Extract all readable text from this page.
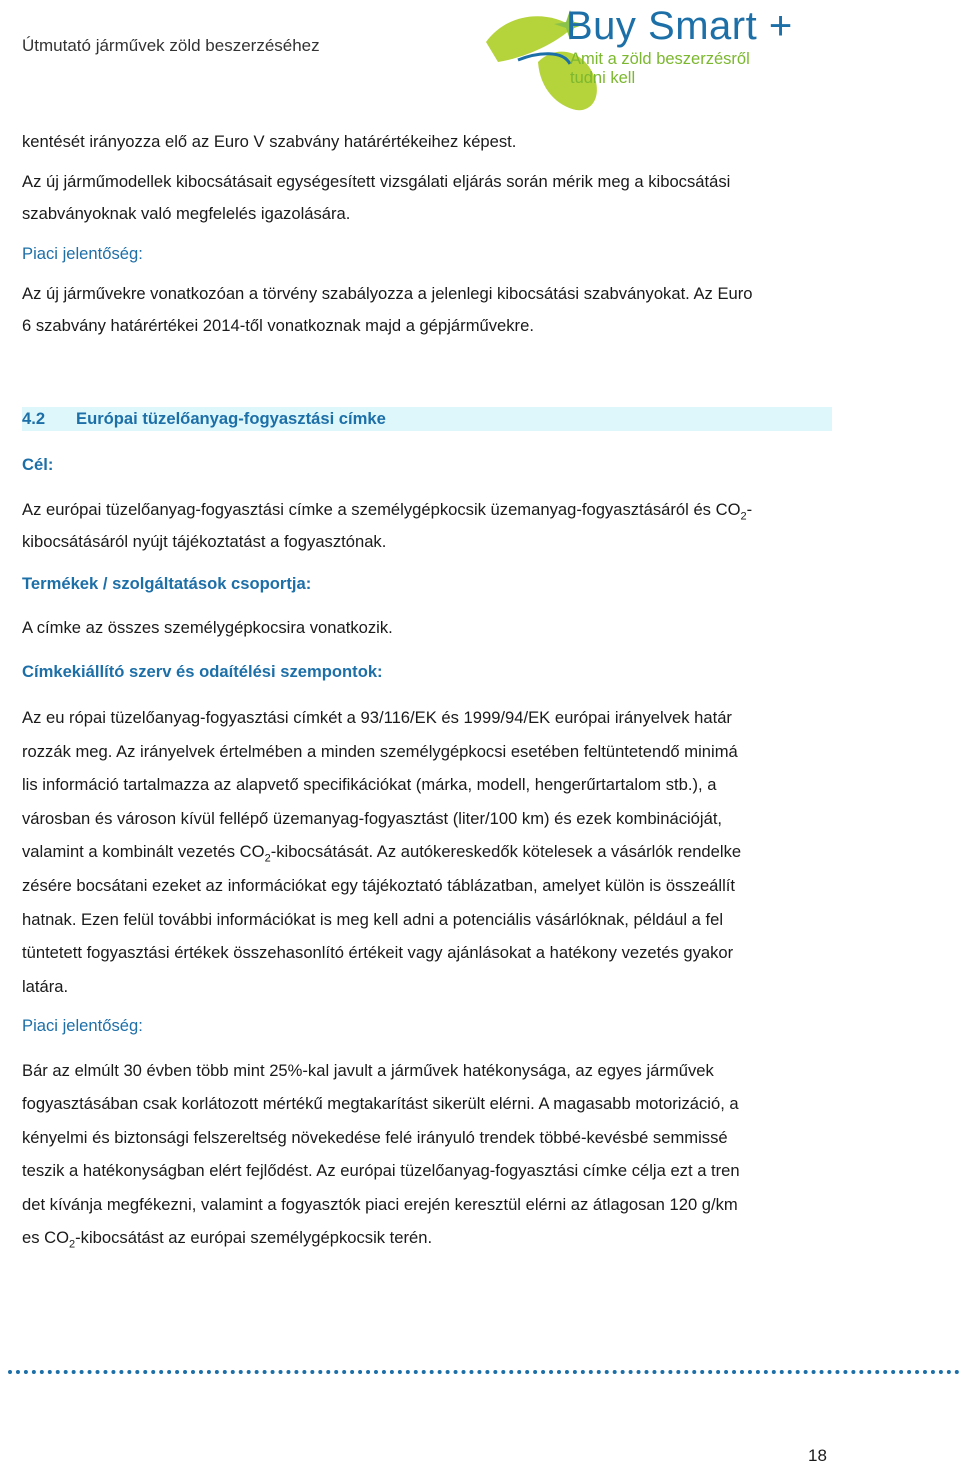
Útmutató járművek zöld beszerzéséhez	Buy Smart +
Amit a zöld beszerzésről
tudni kell

kentését irányozza elő az Euro V szabvány határértékeihez képest.

Az új járműmodellek kibocsátásait egységesített vizsgálati eljárás során mérik meg a kibocsátási
szabványoknak való megfelelés igazolására.

Piaci jelentőség:

Az új járművekre vonatkozóan a törvény szabályozza a jelenlegi kibocsátási szabványokat. Az Euro
6 szabvány határértékei 2014-től vonatkoznak majd a gépjárművekre.
4.2 Európai tüzelőanyag-fogyasztási címke

Cél:

Az európai tüzelőanyag-fogyasztási címke a személygépkocsik üzemanyag-fogyasztásáról és $CO_2-$
kibocsátásáról nyújt tájékoztatást a fogyasztónak.

Termékek / szolgáltatások csoportja:

A címke az összes személygépkocsira vonatkozik.

Címkekiállító szerv és odaítélési szempontok:

Az eu rópai tüzelőanyag-fogyasztási címkét a 93/116/EK és 1999/94/EK európai irányelvek határ
rozzák meg. Az irányelvek értelmében a minden személygépkocsi esetében feltüntetendő minimá
lis információ tartalmazza az alapvető specifikációkat (márka, modell, hengerűrtartalom stb.), a
városban és városon kívül fellépő üzemanyag-fogyasztást (liter/100 km) és ezek kombinációját,
valamint a kombinált vezetés $CO_2$-kibocsátását. Az autókereskedők kötelesek a vásárlók rendelke
zésére bocsátani ezeket az információkat egy tájékoztató táblázatban, amelyet külön is összeállít
hatnak. Ezen felül további információkat is meg kell adni a potenciális vásárlóknak, például a fel
tüntetett fogyasztási értékek összehasonlító értékeit vagy ajánlásokat a hatékony vezetés gyakor
latára.

Piaci jelentőség:

Bár az elmúlt 30 évben több mint 25%-kal javult a járművek hatékonysága, az egyes járművek
fogyasztásában csak korlátozott mértékű megtakarítást sikerült elérni. A magasabb motorizáció, a
kényelmi és biztonsági felszereltség növekedése felé irányuló trendek többé-kevésbé semmissé
teszik a hatékonyságban elért fejlődést. Az európai tüzelőanyag-fogyasztási címke célja ezt a tren
det kívánja megfékezni, valamint a fogyasztók piaci erején keresztül elérni az átlagosan 120 g/km
es $CO_2$-kibocsátást az európai személygépkocsik terén.
18
